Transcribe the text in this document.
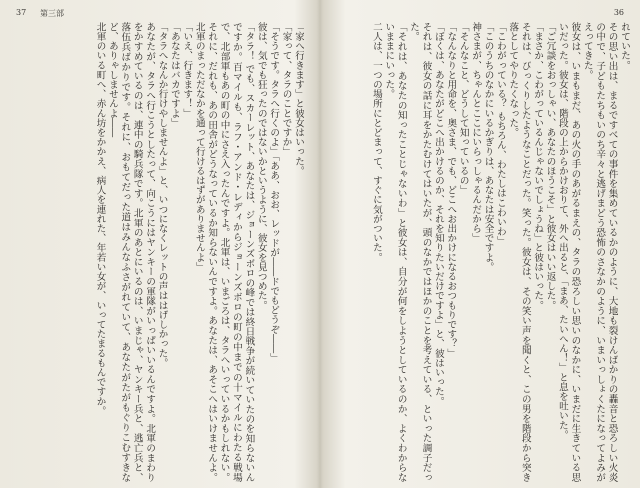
37 第三部
「家へ行きます」と彼女はいった。
「家って、タラのことですか」
「そうです。タラへ行くのよ」「ああ、おお、レッドが――ドでもどうぞ――」
彼は、気でも狂ったのではないかというように、彼女を見つめた。
「タラ！ でも、スカーレット、あなたは、ジョーンズボロの峰では終日戦争が続いていたのを知らないんですか。百マイルも、ラフ・アンド・レディからジョーンズボロの町の中までの十マイルにわたる戦場で、北部軍もあの町の中にさえ入ったんですよ。北軍は、いまごろは、タラへいっているかもしれない。それに、だれも、あの田舎がどうなっているか知らないんですよ。あなたは、あそこへはいけませんよ。北軍のまっただなかを通って行けるはずがありませんよ」
「いえ、行きます！」
「あなたはバカですよ」
「タラへなんか行けやしませんよ」と、いつになくレットの声ははげしかった。
あなたが、タラへ行こうとしたって、向こうにはヤンキーの軍隊がいっぱいいるんですよ。北軍のまわりをかすめているのは、連中の騎兵隊です。北軍のあとにいるのは、いまじゃ、ヤンキー兵と、逃亡兵と、落伍兵ばかりです。それに、おもてだった道はみんなふさがれていて、あなたがたがもぐりこむすきなど、ありゃしませんよ――
北軍のいる町へ、赤ん坊をかかえ、病人を連れた、年若い女が、いってたまるもんですか。
36
れていた。
その思い出は、まるですべての事件を集めているかのように、大地も裂けんばかりの轟音と恐ろしい火炎の中で、子どもたちもいのち辛々と逃げまどう恐怖のさなかのように、いまいっしょくたになってよみがえってきた。
彼女は、いまもまだ、あの火の手のあがるまえの、タラの恐ろしい思いのなかに、いまだに生きている思いだった。彼女は、階段の上からかけおりて、外へ出ると、「まあ、たいへん！」と息を吐いた。
「ご冗談をおっしゃい、あなたのほうこそ」と彼女はいい返した。
「まさか、こわがっているんじゃないでしょうね」と彼はいった。
それは、びっくりしたようなことだった。笑った。彼女は、その笑い声を聞くと、この男を階段から突き落としてやりたくなった。
「こわがっている？ もちろん、わたしはこわいわ」
「このうちのなかにいるかぎりは、あなたは安全ですよ。
神さまが、ちゃんとここにいらっしゃるんだから」
「そんなこと、どうして知っているの」
「なんなりと用命を、奥さま、でも、どこへお出かけになるおつもりです？」
「ぼくは、あなたがどこへ出かけるのか、それを知りたいだけですよ」と、彼はいった。
それは、彼女の話に耳をかたむけてはいたが、頭のなかではほかのことを考えている、といった調子だった。
「それは、あなたの知ったことじゃないわ」と彼女は、自分が何をしようとしているのか、よくわからないままにいった。
二人は、一つの場所にとどまって、すぐに気がついた。
